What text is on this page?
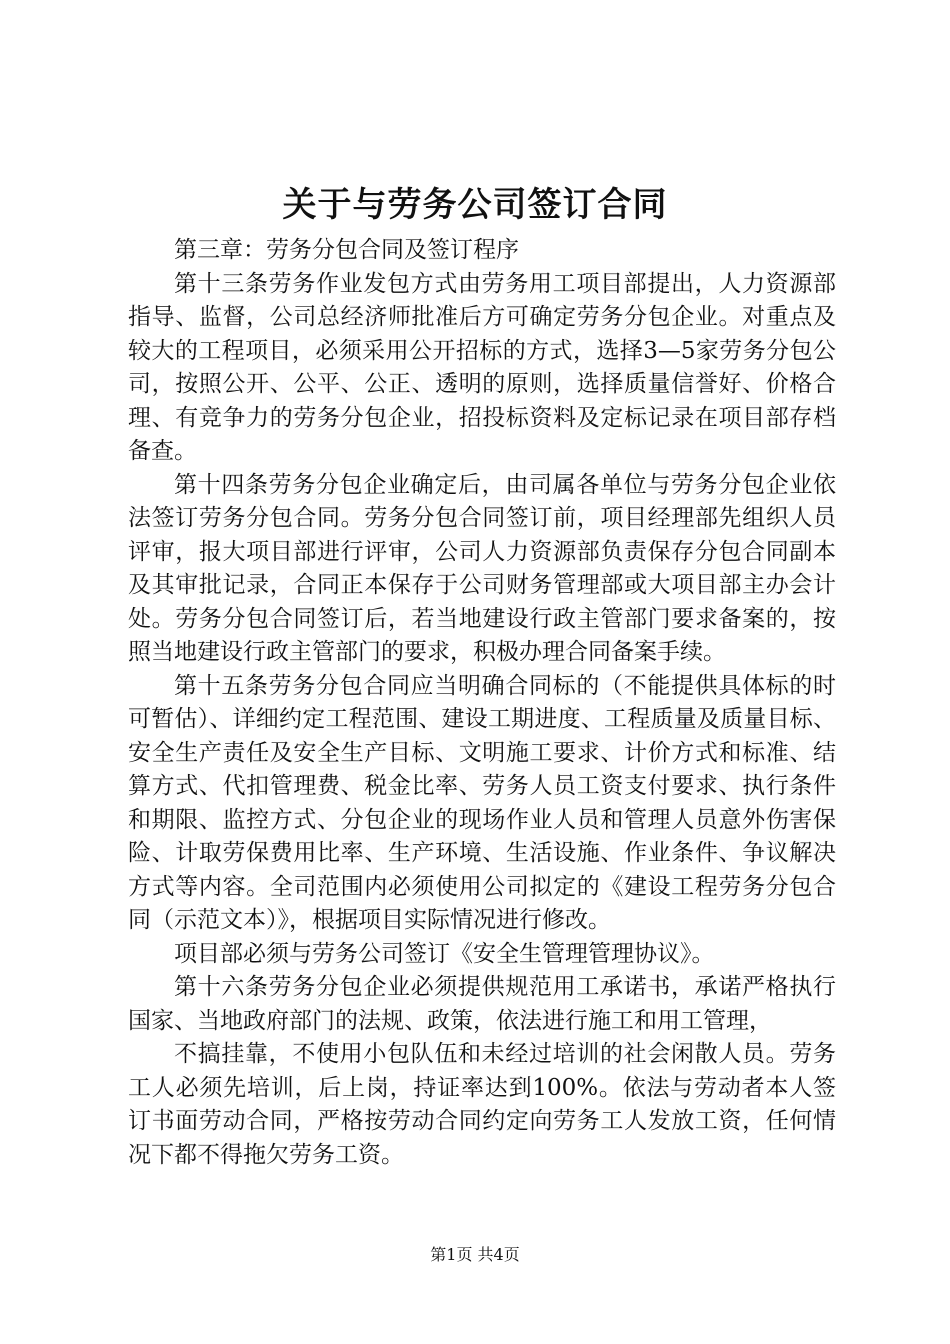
关于与劳务公司签订合同

第三章：劳务分包合同及签订程序

第十三条劳务作业发包方式由劳务用工项目部提出，人力资源部指导、监督，公司总经济师批准后方可确定劳务分包企业。对重点及较大的工程项目，必须采用公开招标的方式，选择3—5家劳务分包公司，按照公开、公平、公正、透明的原则，选择质量信誉好、价格合理、有竞争力的劳务分包企业，招投标资料及定标记录在项目部存档备查。

第十四条劳务分包企业确定后，由司属各单位与劳务分包企业依法签订劳务分包合同。劳务分包合同签订前，项目经理部先组织人员评审，报大项目部进行评审，公司人力资源部负责保存分包合同副本及其审批记录，合同正本保存于公司财务管理部或大项目部主办会计处。劳务分包合同签订后，若当地建设行政主管部门要求备案的，按照当地建设行政主管部门的要求，积极办理合同备案手续。

第十五条劳务分包合同应当明确合同标的（不能提供具体标的时可暂估）、详细约定工程范围、建设工期进度、工程质量及质量目标、安全生产责任及安全生产目标、文明施工要求、计价方式和标准、结算方式、代扣管理费、税金比率、劳务人员工资支付要求、执行条件和期限、监控方式、分包企业的现场作业人员和管理人员意外伤害保险、计取劳保费用比率、生产环境、生活设施、作业条件、争议解决方式等内容。全司范围内必须使用公司拟定的《建设工程劳务分包合同（示范文本）》，根据项目实际情况进行修改。

项目部必须与劳务公司签订《安全生管理管理协议》。

第十六条劳务分包企业必须提供规范用工承诺书，承诺严格执行国家、当地政府部门的法规、政策，依法进行施工和用工管理，

不搞挂靠，不使用小包队伍和未经过培训的社会闲散人员。劳务工人必须先培训，后上岗，持证率达到100%。依法与劳动者本人签订书面劳动合同，严格按劳动合同约定向劳务工人发放工资，任何情况下都不得拖欠劳务工资。

第1页 共4页
